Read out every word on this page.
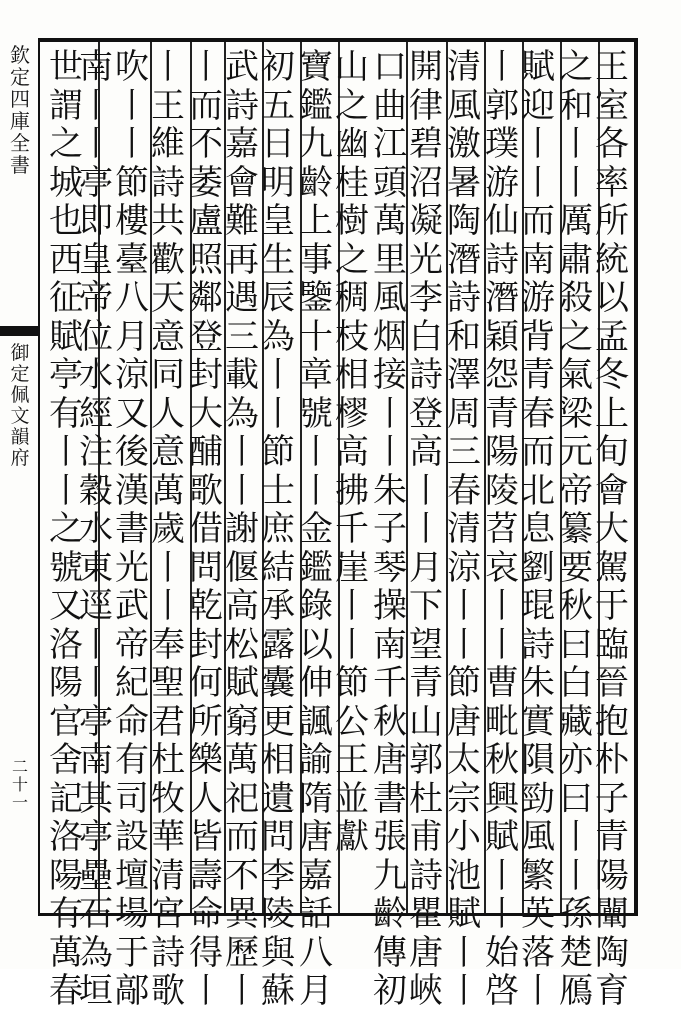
欽
定
四
庫
全
書
御
定
佩
文
韻
府
二
十
一
王
室
各
率
所
統
以
孟
冬
上
旬
會
大
駕
于
臨
晉
抱
朴
子
青
陽
闡
陶
育
之
和
丨
丨
厲
肅
殺
之
氣
梁
元
帝
纂
要
秋
曰
白
藏
亦
曰
丨
丨
孫
楚
鴈
賦
迎
丨
丨
而
南
游
背
青
春
而
北
息
劉
琨
詩
朱
實
隕
勁
風
繁
英
落
丨
丨
郭
璞
游
仙
詩
潛
穎
怨
青
陽
陵
苕
哀
丨
丨
曹
毗
秋
興
賦
丨
丨
始
啓
清
風
激
暑
陶
潛
詩
和
澤
周
三
春
清
涼
丨
丨
節
唐
太
宗
小
池
賦
丨
丨
開
律
碧
沼
凝
光
李
白
詩
登
高
丨
丨
月
下
望
青
山
郭
杜
甫
詩
瞿
唐
峽
口
曲
江
頭
萬
里
風
烟
接
丨
丨
朱
子
琴
操
南
千
秋
唐
書
張
九
齡
傳
初
山
之
幽
桂
樹
之
稠
枝
相
樛
高
拂
千
崖
丨
丨
節
公
王
並
獻
寶
鑑
九
齡
上
事
鑒
十
章
號
丨
丨
金
鑑
錄
以
伸
諷
諭
隋
唐
嘉
話
八
月
初
五
日
明
皇
生
辰
為
丨
丨
節
士
庶
結
承
露
囊
更
相
遺
問
李
陵
與
蘇
武
詩
嘉
會
難
再
遇
三
載
為
丨
丨
謝
偃
高
松
賦
窮
萬
祀
而
不
異
歷
丨
丨
而
不
萎
盧
照
鄰
登
封
大
酺
歌
借
問
乾
封
何
所
樂
人
皆
壽
命
得
丨
丨
王
維
詩
共
歡
天
意
同
人
意
萬
歲
丨
丨
奉
聖
君
杜
牧
華
清
宮
詩
歌
吹
丨
丨
節
樓
臺
八
月
涼
又
後
漢
書
光
武
帝
紀
命
有
司
設
壇
場
于
鄗
南
丨
丨
亭
即
皇
帝
位
水
經
注
穀
水
東
逕
丨
丨
亭
南
其
亭
壘
石
為
垣
世
謂
之
城
也
西
征
賦
亭
有
丨
丨
之
號
又
洛
陽
官
舍
記
洛
陽
有
萬
春
